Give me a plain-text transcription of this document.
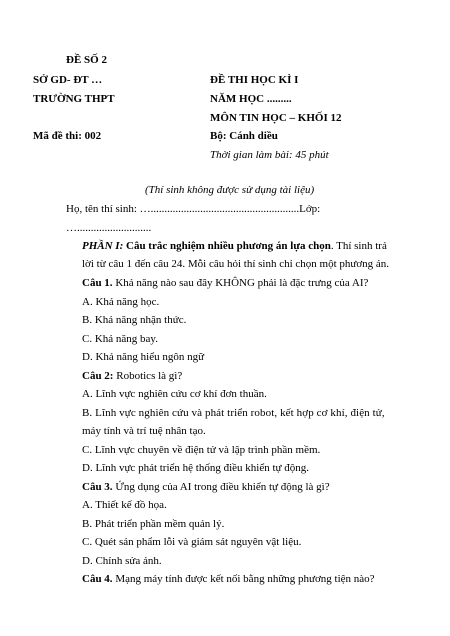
ĐỀ SỐ 2
SỞ GD- ĐT …	ĐỀ THI HỌC KÌ I
TRƯỜNG THPT	NĂM HỌC .........
MÔN TIN HỌC – KHỐI 12
Mã đề thi: 002	Bộ: Cánh diều
Thời gian làm bài: 45 phút
(Thí sinh không được sử dụng tài liệu)
Họ, tên thí sinh: …......................................................Lớp:
…...........................
PHẦN I: Câu trắc nghiệm nhiều phương án lựa chọn. Thí sinh trả
lời từ câu 1 đến câu 24. Mỗi câu hỏi thí sinh chỉ chọn một phương án.
Câu 1. Khả năng nào sau đây KHÔNG phải là đặc trưng của AI?
A. Khả năng học.
B. Khả năng nhận thức.
C. Khả năng bay.
D. Khả năng hiểu ngôn ngữ
Câu 2: Robotics là gì?
A. Lĩnh vực nghiên cứu cơ khí đơn thuần.
B. Lĩnh vực nghiên cứu và phát triển robot, kết hợp cơ khí, điện tử,
máy tính và trí tuệ nhân tạo.
C. Lĩnh vực chuyên về điện tử và lập trình phần mềm.
D. Lĩnh vực phát triển hệ thống điều khiển tự động.
Câu 3. Ứng dụng của AI trong điều khiển tự động là gì?
A. Thiết kế đồ họa.
B. Phát triển phần mềm quản lý.
C. Quét sản phẩm lỗi và giám sát nguyên vật liệu.
D. Chỉnh sửa ảnh.
Câu 4. Mạng máy tính được kết nối bằng những phương tiện nào?
